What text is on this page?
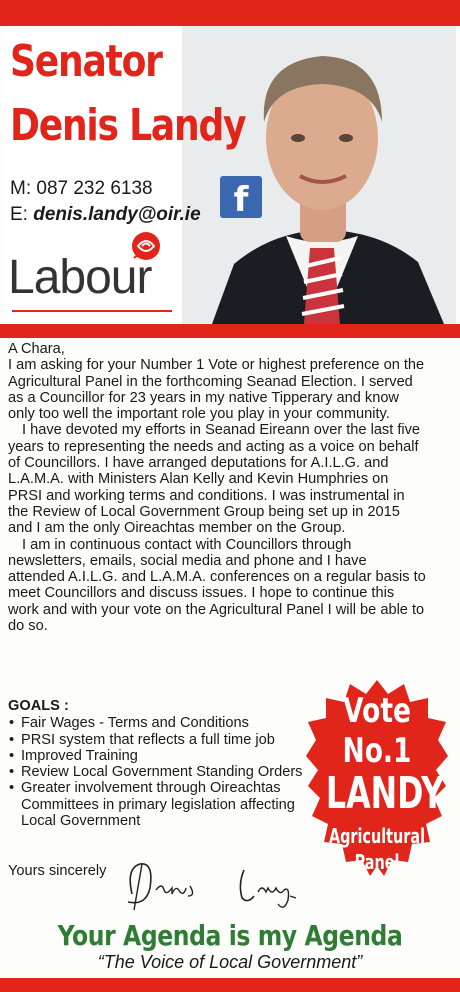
Senator
Denis Landy
M: 087 232 6138
E: denis.landy@oir.ie f
Labour

A Chara,

I am asking for your Number 1 Vote or highest preference on the Agricultural Panel in the forthcoming Seanad Election. I served as a Councillor for 23 years in my native Tipperary and know only too well the important role you play in your community.

I have devoted my efforts in Seanad Eireann over the last five years to representing the needs and acting as a voice on behalf of Councillors. I have arranged deputations for A.I.L.G. and L.A.M.A. with Ministers Alan Kelly and Kevin Humphries on PRSI and working terms and conditions. I was instrumental in the Review of Local Government Group being set up in 2015 and I am the only Oireachtas member on the Group.

I am in continuous contact with Councillors through newsletters, emails, social media and phone and I have attended A.I.L.G. and L.A.M.A. conferences on a regular basis to meet Councillors and discuss issues. I hope to continue this work and with your vote on the Agricultural Panel I will be able to do so.

GOALS :
• Fair Wages - Terms and Conditions
• PRSI system that reflects a full time job
• Improved Training
• Review Local Government Standing Orders
• Greater involvement through Oireachtas Committees in primary legislation affecting Local Government
Yours sincerely
Vote
No.1
LANDY
Agricultural
Panel
Your Agenda is my Agenda
“The Voice of Local Government”
